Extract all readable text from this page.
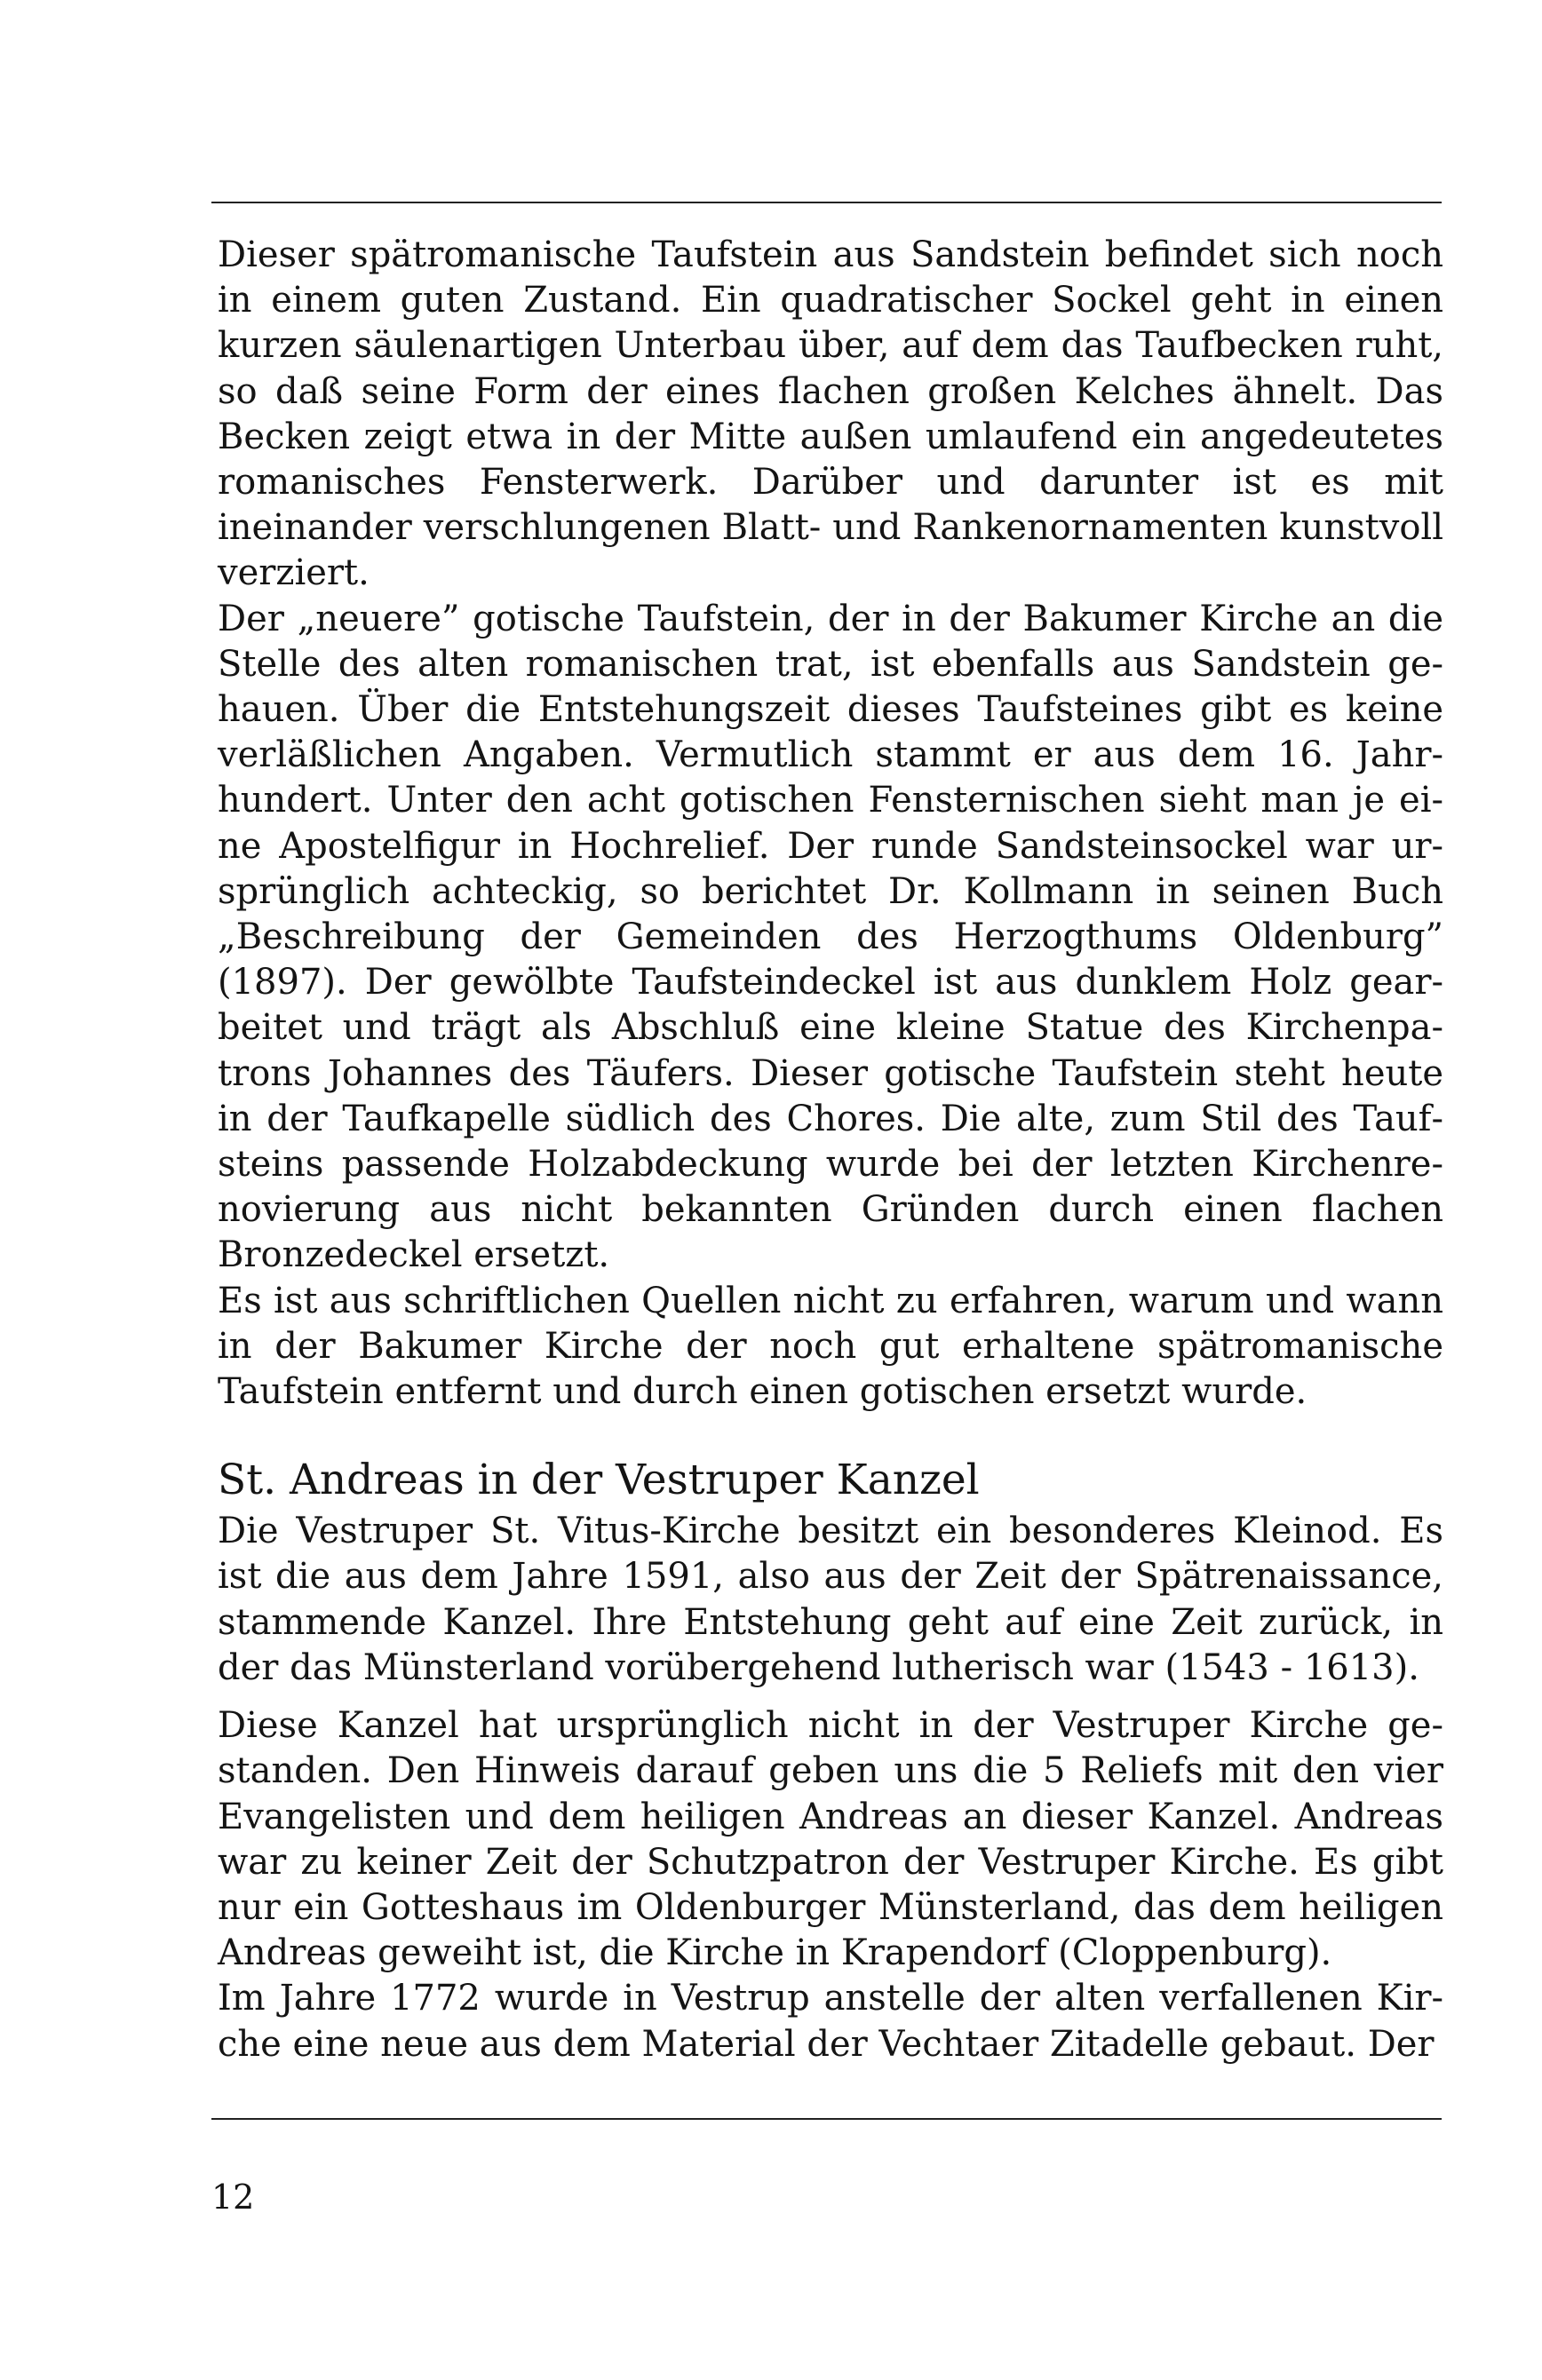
Dieser spätromanische Taufstein aus Sandstein befindet sich noch in einem guten Zustand. Ein quadratischer Sockel geht in einen kurzen säulenartigen Unterbau über, auf dem das Taufbecken ruht, so daß seine Form der eines flachen großen Kelches ähnelt. Das Becken zeigt etwa in der Mitte außen umlaufend ein angedeutetes romanisches Fensterwerk. Darüber und darunter ist es mit ineinander verschlungenen Blatt- und Rankenornamenten kunstvoll verziert.

Der „neuere” gotische Taufstein, der in der Bakumer Kirche an die Stelle des alten romanischen trat, ist ebenfalls aus Sandstein gehauen. Über die Entstehungszeit dieses Taufsteines gibt es keine verläßlichen Angaben. Vermutlich stammt er aus dem 16. Jahrhundert. Unter den acht gotischen Fensternischen sieht man je eine Apostelfigur in Hochrelief. Der runde Sandsteinsockel war ursprünglich achteckig, so berichtet Dr. Kollmann in seinen Buch „Beschreibung der Gemeinden des Herzogthums Oldenburg” (1897). Der gewölbte Taufsteindeckel ist aus dunklem Holz gearbeitet und trägt als Abschluß eine kleine Statue des Kirchenpatrons Johannes des Täufers. Dieser gotische Taufstein steht heute in der Taufkapelle südlich des Chores. Die alte, zum Stil des Taufsteins passende Holzabdeckung wurde bei der letzten Kirchenrenovierung aus nicht bekannten Gründen durch einen flachen Bronzedeckel ersetzt.

Es ist aus schriftlichen Quellen nicht zu erfahren, warum und wann in der Bakumer Kirche der noch gut erhaltene spätromanische Taufstein entfernt und durch einen gotischen ersetzt wurde.

St. Andreas in der Vestruper Kanzel

Die Vestruper St. Vitus-Kirche besitzt ein besonderes Kleinod. Es ist die aus dem Jahre 1591, also aus der Zeit der Spätrenaissance, stammende Kanzel. Ihre Entstehung geht auf eine Zeit zurück, in der das Münsterland vorübergehend lutherisch war (1543 - 1613).

Diese Kanzel hat ursprünglich nicht in der Vestruper Kirche gestanden. Den Hinweis darauf geben uns die 5 Reliefs mit den vier Evangelisten und dem heiligen Andreas an dieser Kanzel. Andreas war zu keiner Zeit der Schutzpatron der Vestruper Kirche. Es gibt nur ein Gotteshaus im Oldenburger Münsterland, das dem heiligen Andreas geweiht ist, die Kirche in Krapendorf (Cloppenburg).

Im Jahre 1772 wurde in Vestrup anstelle der alten verfallenen Kirche eine neue aus dem Material der Vechtaer Zitadelle gebaut. Der

12
